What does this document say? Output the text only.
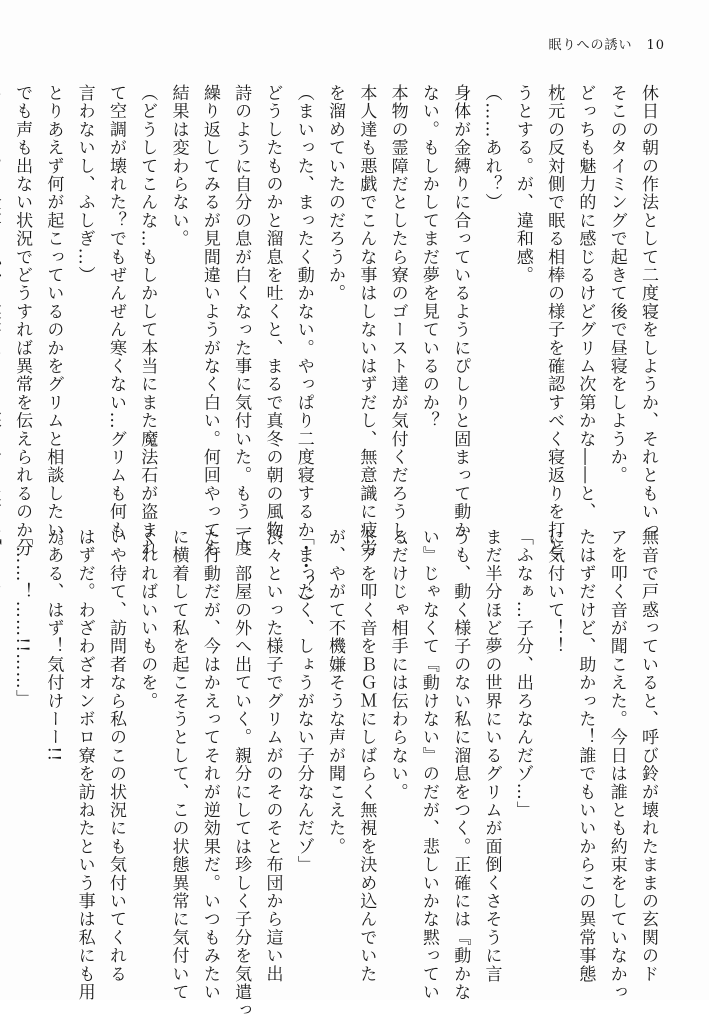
眠りへの誘い 10
休日の朝の作法として二度寝をしようか、それともいっ
そこのタイミングで起きて後で昼寝をしようか。
どっちも魅力的に感じるけどグリム次第かな――と、
枕元の反対側で眠る相棒の様子を確認すべく寝返りを打と
うとする。が、違和感。
（……あれ？）
身体が金縛りに合っているようにぴしりと固まって動か
ない。もしかしてまだ夢を見ているのか？
本物の霊障だとしたら寮のゴースト達が気付くだろうし、
本人達も悪戯でこんな事はしないはずだし、無意識に疲労
を溜めていたのだろうか。
（まいった、まったく動かない。やっぱり二度寝するか・・？）
どうしたものかと溜息を吐くと、まるで真冬の朝の風物
詩のように自分の息が白くなった事に気付いた。もう一度
繰り返してみるが見間違いようがなく白い。何回やっても
結果は変わらない。
（どうしてこんな…もしかして本当にまた魔法石が盗まれ
て空調が壊れた？でもぜんぜん寒くない…グリムも何も
言わないし、ふしぎ…）
とりあえず何が起こっているのかをグリムと相談したい。
でも声も出ない状況でどうすれば異常を伝えられるのか分
無音で戸惑っていると、呼び鈴が壊れたままの玄関のド
アを叩く音が聞こえた。今日は誰とも約束をしていなかっ
たはずだけど、助かった！誰でもいいからこの異常事態
に気付いて！！
「ふなぁ…子分、出ろなんだゾ…」
まだ半分ほど夢の世界にいるグリムが面倒くさそうに言
うも、動く様子のない私に溜息をつく。正確には『動かな
い』じゃなくて『動けない』のだが、悲しいかな黙ってい
るだけじゃ相手には伝わらない。
ドアを叩く音をＢＧＭにしばらく無視を決め込んでいた
が、やがて不機嫌そうな声が聞こえた。
「まったく、しょうがない子分なんだゾ」
渋々といった様子でグリムがのそのそと布団から這い出
て、部屋の外へ出ていく。親分にしては珍しく子分を気遣っ
た行動だが、今はかえってそれが逆効果だ。いつもみたい
に横着して私を起こそうとして、この状態異常に気付いて
くれればいいものを。
いや待て、訪問者なら私のこの状況にも気付いてくれる
はずだ。わざわざオンボロ寮を訪ねたという事は私にも用
がある、はず！気付けーー!!
「……！……!!……」
